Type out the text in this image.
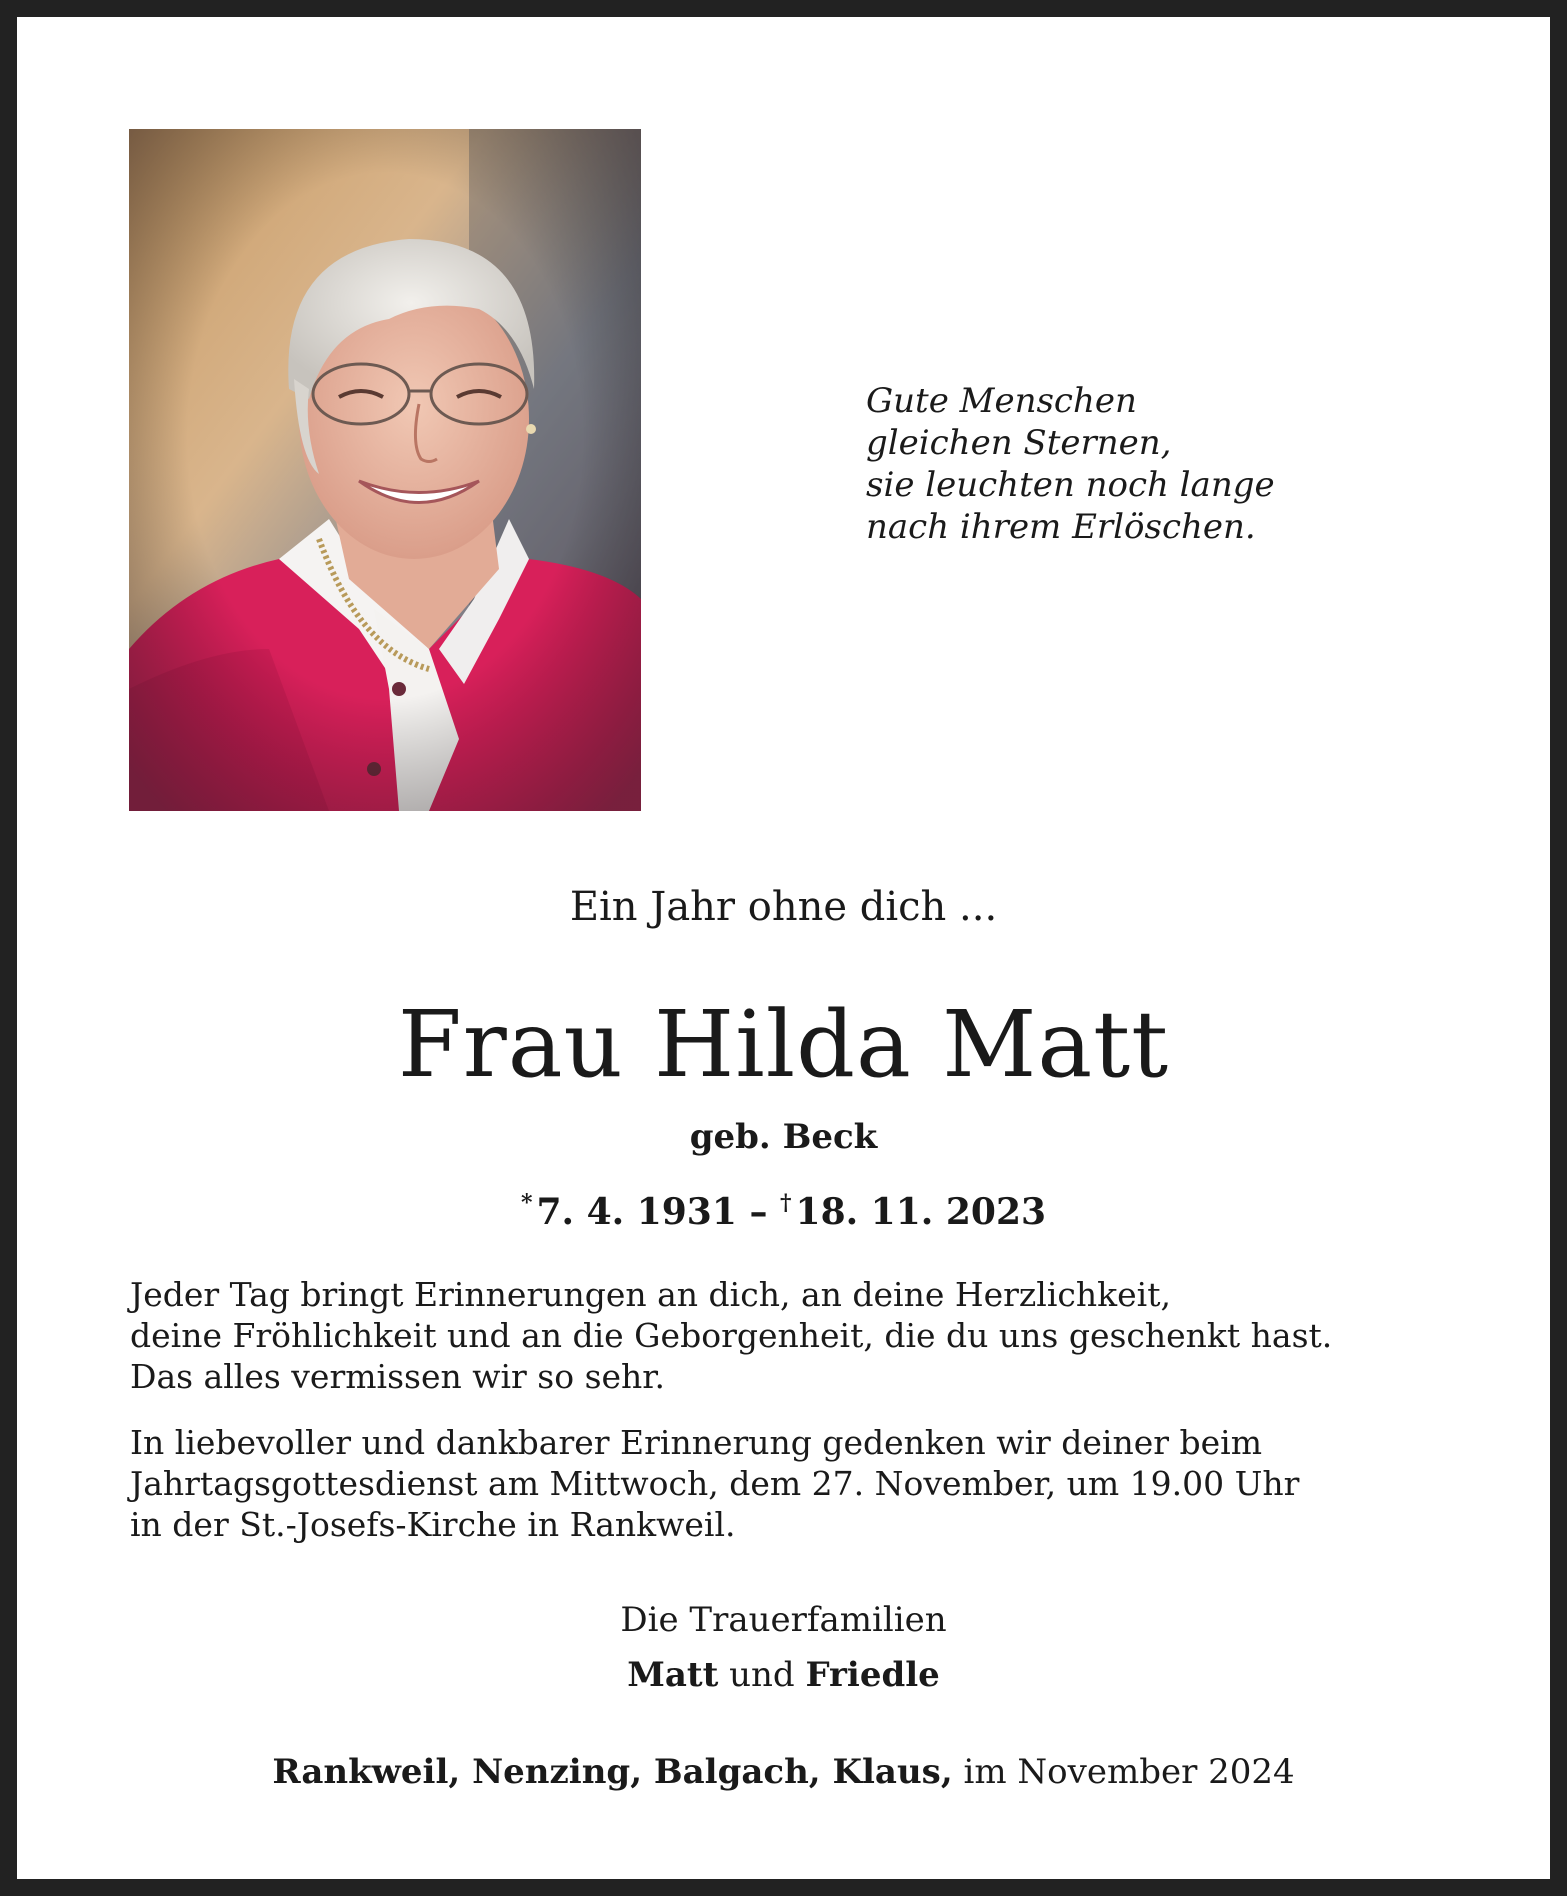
Gute Menschen
gleichen Sternen,
sie leuchten noch lange
nach ihrem Erlöschen.
Ein Jahr ohne dich ...
Frau Hilda Matt
geb. Beck
* 7. 4. 1931 – † 18. 11. 2023
Jeder Tag bringt Erinnerungen an dich, an deine Herzlichkeit,
deine Fröhlichkeit und an die Geborgenheit, die du uns geschenkt hast.
Das alles vermissen wir so sehr.
In liebevoller und dankbarer Erinnerung gedenken wir deiner beim
Jahrtagsgottesdienst am Mittwoch, dem 27. November, um 19.00 Uhr
in der St.-Josefs-Kirche in Rankweil.
Die Trauerfamilien
Matt und Friedle
Rankweil, Nenzing, Balgach, Klaus, im November 2024
